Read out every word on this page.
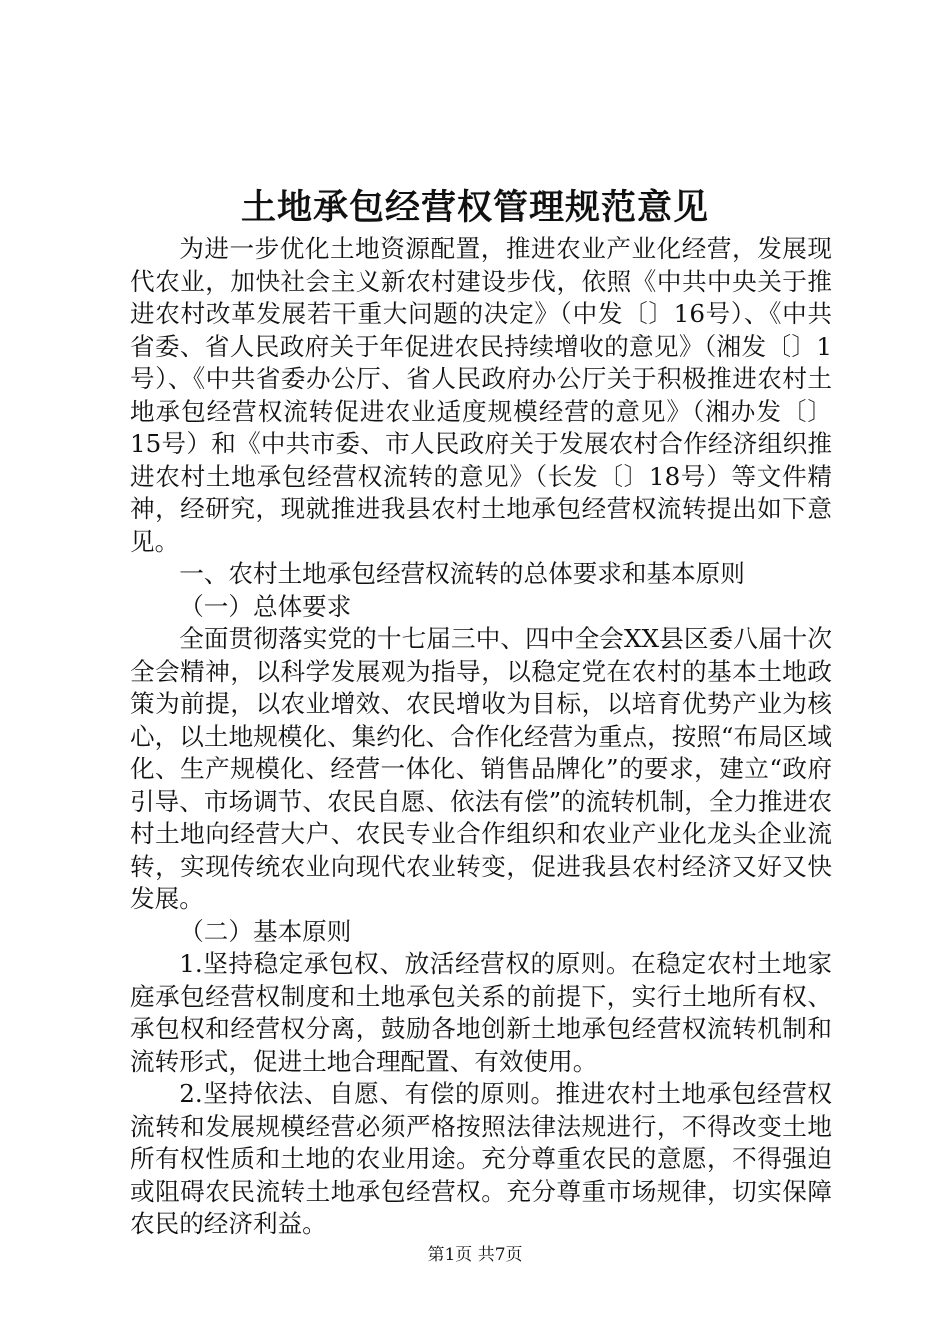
土地承包经营权管理规范意见

为进一步优化土地资源配置，推进农业产业化经营，发展现代农业，加快社会主义新农村建设步伐，依照《中共中央关于推进农村改革发展若干重大问题的决定》（中发〔〕16号）、《中共省委、省人民政府关于年促进农民持续增收的意见》（湘发〔〕1号）、《中共省委办公厅、省人民政府办公厅关于积极推进农村土地承包经营权流转促进农业适度规模经营的意见》（湘办发〔〕15号）和《中共市委、市人民政府关于发展农村合作经济组织推进农村土地承包经营权流转的意见》（长发〔〕18号）等文件精神，经研究，现就推进我县农村土地承包经营权流转提出如下意见。

一、农村土地承包经营权流转的总体要求和基本原则

（一）总体要求

全面贯彻落实党的十七届三中、四中全会XX县区委八届十次全会精神，以科学发展观为指导，以稳定党在农村的基本土地政策为前提，以农业增效、农民增收为目标，以培育优势产业为核心，以土地规模化、集约化、合作化经营为重点，按照“布局区域化、生产规模化、经营一体化、销售品牌化”的要求，建立“政府引导、市场调节、农民自愿、依法有偿”的流转机制，全力推进农村土地向经营大户、农民专业合作组织和农业产业化龙头企业流转，实现传统农业向现代农业转变，促进我县农村经济又好又快发展。

（二）基本原则

1.坚持稳定承包权、放活经营权的原则。在稳定农村土地家庭承包经营权制度和土地承包关系的前提下，实行土地所有权、承包权和经营权分离，鼓励各地创新土地承包经营权流转机制和流转形式，促进土地合理配置、有效使用。

2.坚持依法、自愿、有偿的原则。推进农村土地承包经营权流转和发展规模经营必须严格按照法律法规进行，不得改变土地所有权性质和土地的农业用途。充分尊重农民的意愿，不得强迫或阻碍农民流转土地承包经营权。充分尊重市场规律，切实保障农民的经济利益。

第1页 共7页
